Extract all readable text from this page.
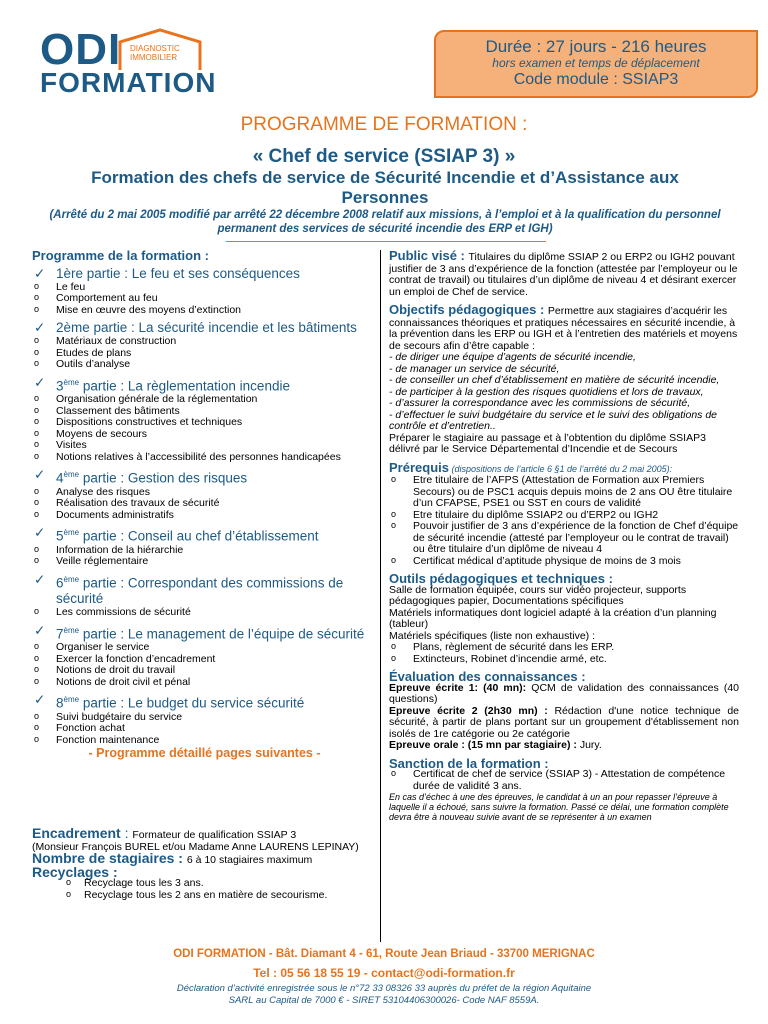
ODI DIAGNOSTIC
IMMOBILIER
FORMATION
Durée : 27 jours - 216 heures
hors examen et temps de déplacement
Code module : SSIAP3
PROGRAMME DE FORMATION :
« Chef de service (SSIAP 3) »
Formation des chefs de service de Sécurité Incendie et d’Assistance aux Personnes
(Arrêté du 2 mai 2005 modifié par arrêté 22 décembre 2008 relatif aux missions, à l’emploi et à la qualification du personnel permanent des services de sécurité incendie des ERP et IGH)
Programme de la formation :
✓ 1ère partie : Le feu et ses conséquences
o Le feu
o Comportement au feu
o Mise en œuvre des moyens d’extinction
✓ 2ème partie : La sécurité incendie et les bâtiments
o Matériaux de construction
o Etudes de plans
o Outils d’analyse
✓ 3ème partie : La règlementation incendie
o Organisation générale de la réglementation
o Classement des bâtiments
o Dispositions constructives et techniques
o Moyens de secours
o Visites
o Notions relatives à l’accessibilité des personnes handicapées
✓ 4ème partie : Gestion des risques
o Analyse des risques
o Réalisation des travaux de sécurité
o Documents administratifs
✓ 5ème partie : Conseil au chef d’établissement
o Information de la hiérarchie
o Veille réglementaire
✓ 6ème partie : Correspondant des commissions de sécurité
o Les commissions de sécurité
✓ 7ème partie : Le management de l’équipe de sécurité
o Organiser le service
o Exercer la fonction d’encadrement
o Notions de droit du travail
o Notions de droit civil et pénal
✓ 8ème partie : Le budget du service sécurité
o Suivi budgétaire du service
o Fonction achat
o Fonction maintenance
- Programme détaillé pages suivantes -
Encadrement : Formateur de qualification SSIAP 3
(Monsieur François BUREL et/ou Madame Anne LAURENS LEPINAY)
Nombre de stagiaires : 6 à 10 stagiaires maximum
Recyclages :
o Recyclage tous les 3 ans.
o Recyclage tous les 2 ans en matière de secourisme.

Public visé : Titulaires du diplôme SSIAP 2 ou ERP2 ou IGH2 pouvant justifier de 3 ans d’expérience de la fonction (attestée par l’employeur ou le contrat de travail) ou titulaires d’un diplôme de niveau 4 et désirant exercer un emploi de Chef de service.

Objectifs pédagogiques : Permettre aux stagiaires d’acquérir les connaissances théoriques et pratiques nécessaires en sécurité incendie, à la prévention dans les ERP ou IGH et à l’entretien des matériels et moyens de secours afin d’être capable :
- de diriger une équipe d’agents de sécurité incendie,
- de manager un service de sécurité,
- de conseiller un chef d’établissement en matière de sécurité incendie,
- de participer à la gestion des risques quotidiens et lors de travaux,
- d’assurer la correspondance avec les commissions de sécurité,
- d’effectuer le suivi budgétaire du service et le suivi des obligations de contrôle et d’entretien..
Préparer le stagiaire au passage et à l’obtention du diplôme SSIAP3 délivré par le Service Départemental d’Incendie et de Secours
Prérequis (dispositions de l’article 6 §1 de l’arrêté du 2 mai 2005):
o Etre titulaire de l’AFPS (Attestation de Formation aux Premiers Secours) ou de PSC1 acquis depuis moins de 2 ans OU être titulaire d’un CFAPSE, PSE1 ou SST en cours de validité
o Etre titulaire du diplôme SSIAP2 ou d’ERP2 ou IGH2
o Pouvoir justifier de 3 ans d’expérience de la fonction de Chef d’équipe de sécurité incendie (attesté par l’employeur ou le contrat de travail) ou être titulaire d’un diplôme de niveau 4
o Certificat médical d’aptitude physique de moins de 3 mois
Outils pédagogiques et techniques :
Salle de formation équipée, cours sur vidéo projecteur, supports pédagogiques papier, Documentations spécifiques
Matériels informatiques dont logiciel adapté à la création d’un planning (tableur)
Matériels spécifiques (liste non exhaustive) :
o Plans, règlement de sécurité dans les ERP.
o Extincteurs, Robinet d’incendie armé, etc.
Évaluation des connaissances :
Epreuve écrite 1: (40 mn): QCM de validation des connaissances (40 questions)
Epreuve écrite 2 (2h30 mn) : Rédaction d'une notice technique de sécurité, à partir de plans portant sur un groupement d'établissement non isolés de 1re catégorie ou 2e catégorie
Epreuve orale : (15 mn par stagiaire) : Jury.
Sanction de la formation :
o Certificat de chef de service (SSIAP 3) - Attestation de compétence durée de validité 3 ans.
En cas d’échec à une des épreuves, le candidat à un an pour repasser l’épreuve à laquelle il a échoué, sans suivre la formation. Passé ce délai, une formation complète devra être à nouveau suivie avant de se représenter à un examen
ODI FORMATION - Bât. Diamant 4 - 61, Route Jean Briaud - 33700 MERIGNAC
Tel : 05 56 18 55 19 - contact@odi-formation.fr
Déclaration d’activité enregistrée sous le n°72 33 08326 33 auprès du préfet de la région Aquitaine
SARL au Capital de 7000 € - SIRET 53104406300026- Code NAF 8559A.
